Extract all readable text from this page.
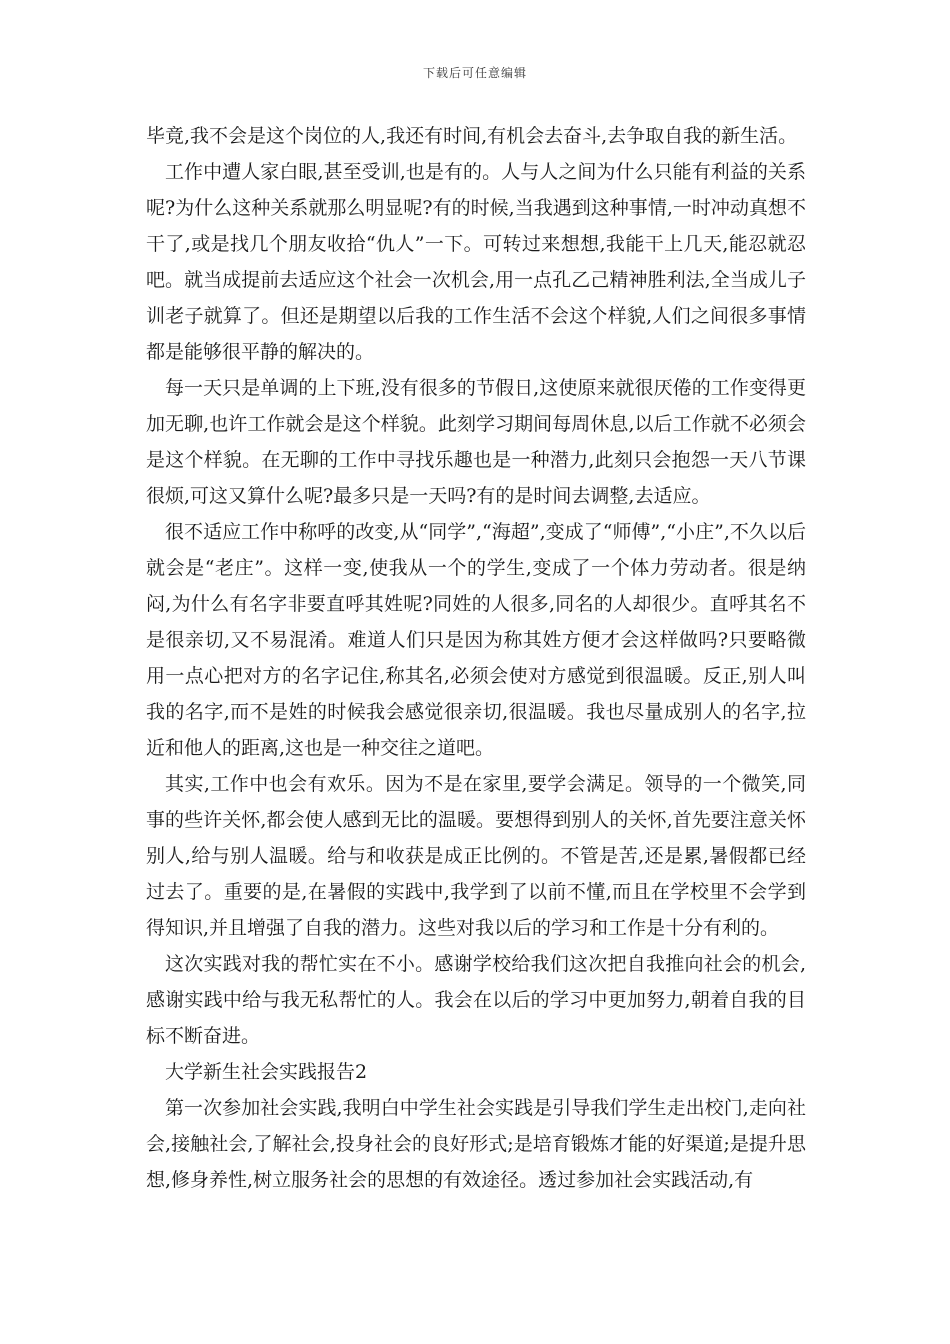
下载后可任意编辑

毕竟,我不会是这个岗位的人,我还有时间,有机会去奋斗,去争取自我的新生活。

工作中遭人家白眼,甚至受训,也是有的。人与人之间为什么只能有利益的关系呢?为什么这种关系就那么明显呢?有的时候,当我遇到这种事情,一时冲动真想不干了,或是找几个朋友收拾“仇人”一下。可转过来想想,我能干上几天,能忍就忍吧。就当成提前去适应这个社会一次机会,用一点孔乙己精神胜利法,全当成儿子训老子就算了。但还是期望以后我的工作生活不会这个样貌,人们之间很多事情都是能够很平静的解决的。

每一天只是单调的上下班,没有很多的节假日,这使原来就很厌倦的工作变得更加无聊,也许工作就会是这个样貌。此刻学习期间每周休息,以后工作就不必须会是这个样貌。在无聊的工作中寻找乐趣也是一种潜力,此刻只会抱怨一天八节课很烦,可这又算什么呢?最多只是一天吗?有的是时间去调整,去适应。

很不适应工作中称呼的改变,从“同学”,“海超”,变成了“师傅”,“小庄”,不久以后就会是“老庄”。这样一变,使我从一个的学生,变成了一个体力劳动者。很是纳闷,为什么有名字非要直呼其姓呢?同姓的人很多,同名的人却很少。直呼其名不是很亲切,又不易混淆。难道人们只是因为称其姓方便才会这样做吗?只要略微用一点心把对方的名字记住,称其名,必须会使对方感觉到很温暖。反正,别人叫我的名字,而不是姓的时候我会感觉很亲切,很温暖。我也尽量成别人的名字,拉近和他人的距离,这也是一种交往之道吧。

其实,工作中也会有欢乐。因为不是在家里,要学会满足。领导的一个微笑,同事的些许关怀,都会使人感到无比的温暖。要想得到别人的关怀,首先要注意关怀别人,给与别人温暖。给与和收获是成正比例的。不管是苦,还是累,暑假都已经过去了。重要的是,在暑假的实践中,我学到了以前不懂,而且在学校里不会学到得知识,并且增强了自我的潜力。这些对我以后的学习和工作是十分有利的。

这次实践对我的帮忙实在不小。感谢学校给我们这次把自我推向社会的机会,感谢实践中给与我无私帮忙的人。我会在以后的学习中更加努力,朝着自我的目标不断奋进。

大学新生社会实践报告2

第一次参加社会实践,我明白中学生社会实践是引导我们学生走出校门,走向社会,接触社会,了解社会,投身社会的良好形式;是培育锻炼才能的好渠道;是提升思想,修身养性,树立服务社会的思想的有效途径。透过参加社会实践活动,有
